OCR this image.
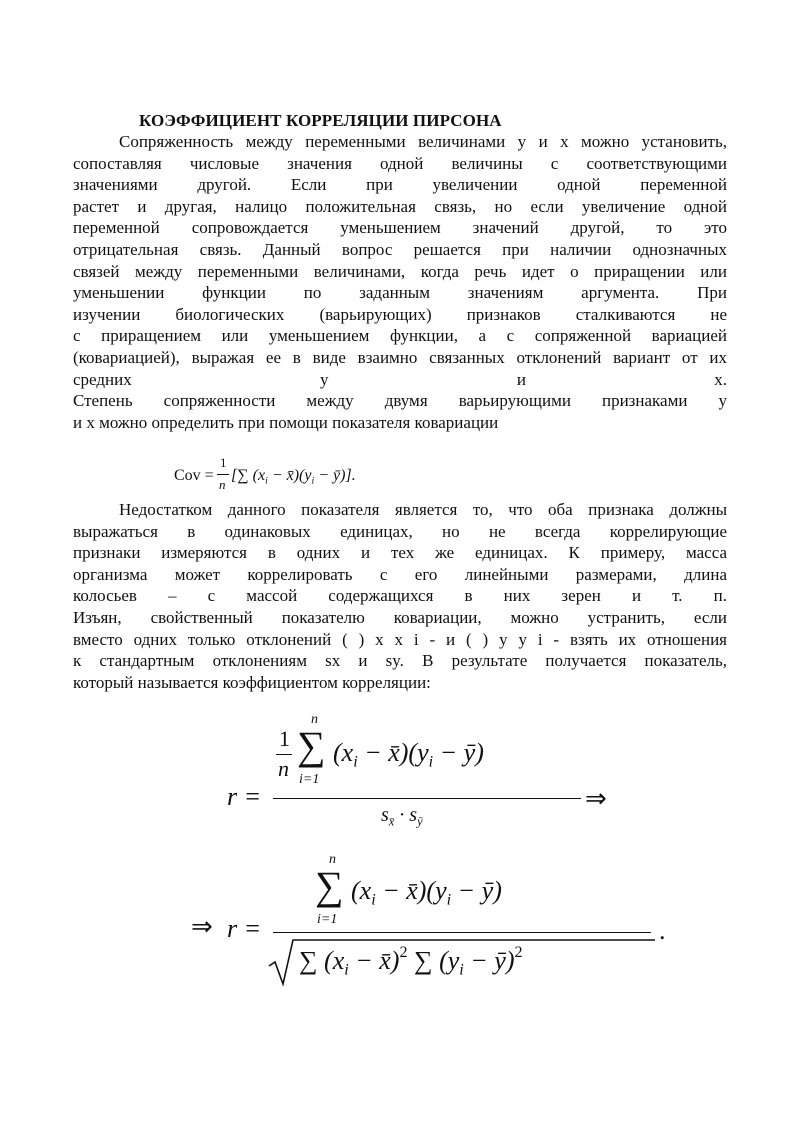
КОЭФФИЦИЕНТ КОРРЕЛЯЦИИ ПИРСОНА
Сопряженность между переменными величинами у и х можно установить,
сопоставляя числовые значения одной величины с соответствующими
значениями другой. Если при увеличении одной переменной
растет и другая, налицо положительная связь, но если увеличение одной
переменной сопровождается уменьшением значений другой, то это
отрицательная связь. Данный вопрос решается при наличии однозначных
связей между переменными величинами, когда речь идет о приращении или
уменьшении функции по заданным значениям аргумента. При
изучении биологических (варьирующих) признаков сталкиваются не
с приращением или уменьшением функции, а с сопряженной вариацией
(ковариацией), выражая ее в виде взаимно связанных отклонений вариант от их
средних у и х.
Степень сопряженности между двумя варьирующими признаками у
и х можно определить при помощи показателя ковариации
Cov =
1
n
[∑ ($x_i$ − $x̄)(y_i$ − ȳ)].
Недостатком данного показателя является то, что оба признака должны
выражаться в одинаковых единицах, но не всегда коррелирующие
признаки измеряются в одних и тех же единицах. К примеру, масса
организма может коррелировать с его линейными размерами, длина
колосьев – с массой содержащихся в них зерен и т. п.
Изъян, свойственный показателю ковариации, можно устранить, если
вместо одних только отклонений ( ) x x i - и ( ) y y i - взять их отношения
к стандартным отклонениям sx и sy. В результате получается показатель,
который называется коэффициентом корреляции:
r =
1
n
n
∑
i=1
($x_i$ − $x̄)(y_i$ − ȳ)
$s_{x̄} \cdot s_ȳ$
⇒
⇒ r =
n
∑
i=1
($x_i$ − $x̄)(y_i$ − ȳ)
∑ ($x_i$ − x̄)$^2$ ∑ ($y_i$ − ȳ)$^2$
.
